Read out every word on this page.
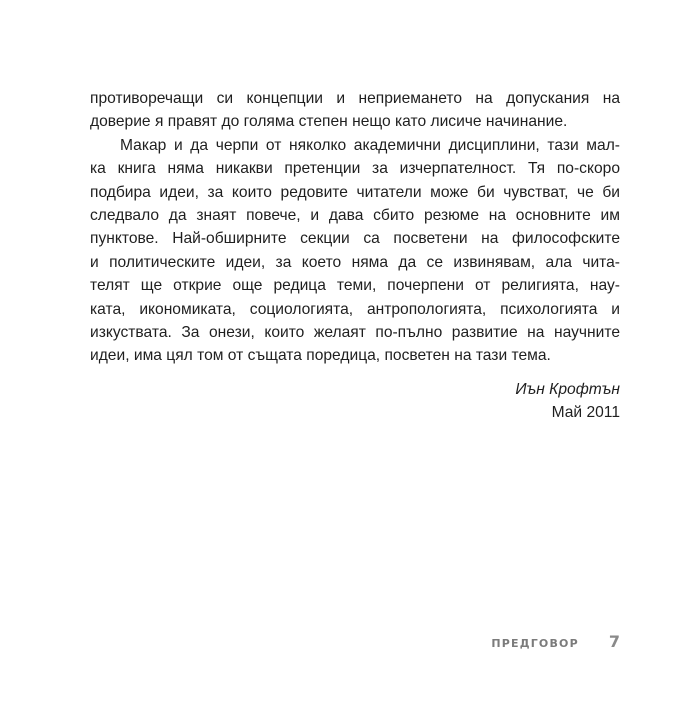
противоречащи си концепции и неприемането на допускания на
доверие я правят до голяма степен нещо като лисиче начинание.
Макар и да черпи от няколко академични дисциплини, тази мал-
ка книга няма никакви претенции за изчерпателност. Тя по-скоро
подбира идеи, за които редовите читатели може би чувстват, че би
следвало да знаят повече, и дава сбито резюме на основните им
пунктове. Най-обширните секции са посветени на философските
и политическите идеи, за което няма да се извинявам, ала чита-
телят ще открие още редица теми, почерпени от религията, нау-
ката, икономиката, социологията, антропологията, психологията и
изкуствата. За онези, които желаят по-пълно развитие на научните
идеи, има цял том от същата поредица, посветен на тази тема.
Иън Крофтън
Май 2011
ПРЕДГОВОР 7
